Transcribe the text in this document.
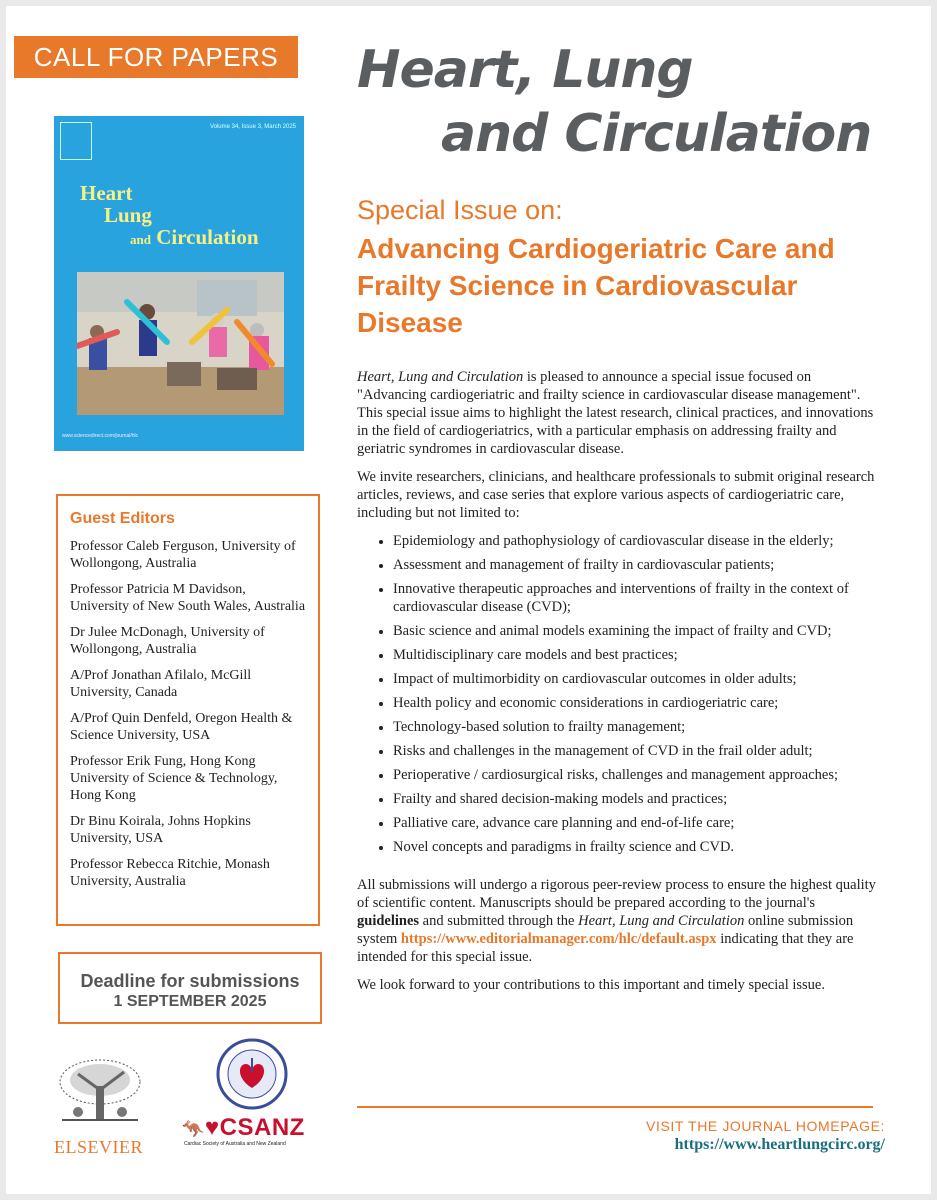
CALL FOR PAPERS	Heart, Lung
and Circulation
Special Issue on:
Advancing Cardiogeriatric Care and Frailty Science in Cardiovascular Disease
Volume 34, Issue 3, March 2025
Heart
Lung
and Circulation
www.sciencedirect.com/journal/hlc
Guest Editors
Professor Caleb Ferguson, University of Wollongong, Australia
Professor Patricia M Davidson, University of New South Wales, Australia
Dr Julee McDonagh, University of Wollongong, Australia
A/Prof Jonathan Afilalo, McGill University, Canada
A/Prof Quin Denfeld, Oregon Health & Science University, USA
Professor Erik Fung, Hong Kong University of Science & Technology, Hong Kong
Dr Binu Koirala, Johns Hopkins University, USA
Professor Rebecca Ritchie, Monash University, Australia
Deadline for submissions
1 SEPTEMBER 2025
ELSEVIER
🦘♥CSANZ
Cardiac Society of Australia and New Zealand

Heart, Lung and Circulation is pleased to announce a special issue focused on "Advancing cardiogeriatric and frailty science in cardiovascular disease management". This special issue aims to highlight the latest research, clinical practices, and innovations in the field of cardiogeriatrics, with a particular emphasis on addressing frailty and geriatric syndromes in cardiovascular disease.

We invite researchers, clinicians, and healthcare professionals to submit original research articles, reviews, and case series that explore various aspects of cardiogeriatric care, including but not limited to:

• Epidemiology and pathophysiology of cardiovascular disease in the elderly;
• Assessment and management of frailty in cardiovascular patients;
• Innovative therapeutic approaches and interventions of frailty in the context of cardiovascular disease (CVD);
• Basic science and animal models examining the impact of frailty and CVD;
• Multidisciplinary care models and best practices;
• Impact of multimorbidity on cardiovascular outcomes in older adults;
• Health policy and economic considerations in cardiogeriatric care;
• Technology-based solution to frailty management;
• Risks and challenges in the management of CVD in the frail older adult;
• Perioperative / cardiosurgical risks, challenges and management approaches;
• Frailty and shared decision-making models and practices;
• Palliative care, advance care planning and end-of-life care;
• Novel concepts and paradigms in frailty science and CVD.

All submissions will undergo a rigorous peer-review process to ensure the highest quality of scientific content. Manuscripts should be prepared according to the journal's guidelines and submitted through the Heart, Lung and Circulation online submission system https://www.editorialmanager.com/hlc/default.aspx indicating that they are intended for this special issue.

We look forward to your contributions to this important and timely special issue.

VISIT THE JOURNAL HOMEPAGE:
https://www.heartlungcirc.org/
